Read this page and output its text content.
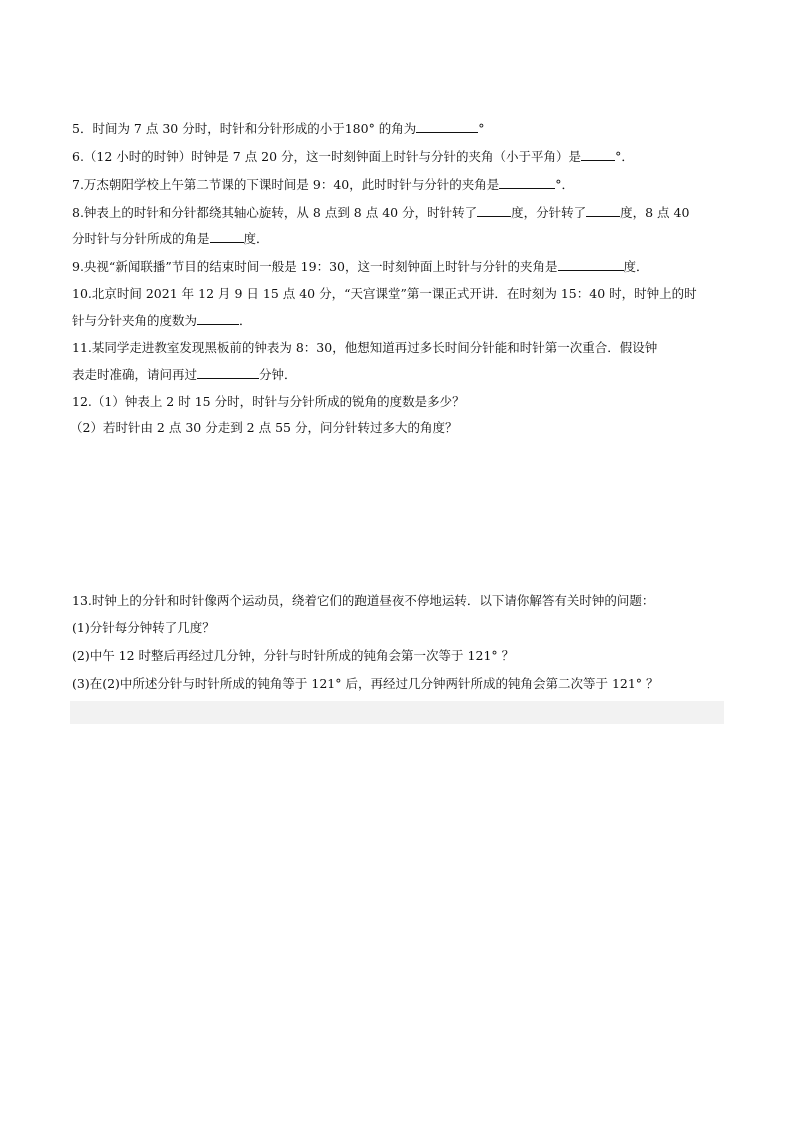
5．时间为 7 点 30 分时，时针和分针形成的小于180° 的角为	°
6.（12 小时的时钟）时钟是 7 点 20 分，这一时刻钟面上时针与分针的夹角（小于平角）是	°．
7.万杰朝阳学校上午第二节课的下课时间是 9：40，此时时针与分针的夹角是	°．
8.钟表上的时针和分针都绕其轴心旋转，从 8 点到 8 点 40 分，时针转了	度，分针转了	度，8 点 40
分时针与分针所成的角是	度．
9.央视“新闻联播”节目的结束时间一般是 19：30，这一时刻钟面上时针与分针的夹角是	度．
10.北京时间 2021 年 12 月 9 日 15 点 40 分，“天宫课堂”第一课正式开讲．在时刻为 15：40 时，时钟上的时
针与分针夹角的度数为	．
11.某同学走进教室发现黑板前的钟表为 8：30，他想知道再过多长时间分针能和时针第一次重合．假设钟
表走时准确，请问再过	分钟．
12.（1）钟表上 2 时 15 分时，时针与分针所成的锐角的度数是多少？
（2）若时针由 2 点 30 分走到 2 点 55 分，问分针转过多大的角度？
13.时钟上的分针和时针像两个运动员，绕着它们的跑道昼夜不停地运转．以下请你解答有关时钟的问题：
(1)分针每分钟转了几度？
(2)中午 12 时整后再经过几分钟，分针与时针所成的钝角会第一次等于 121° ？
(3)在(2)中所述分针与时针所成的钝角等于 121° 后，再经过几分钟两针所成的钝角会第二次等于 121° ？
